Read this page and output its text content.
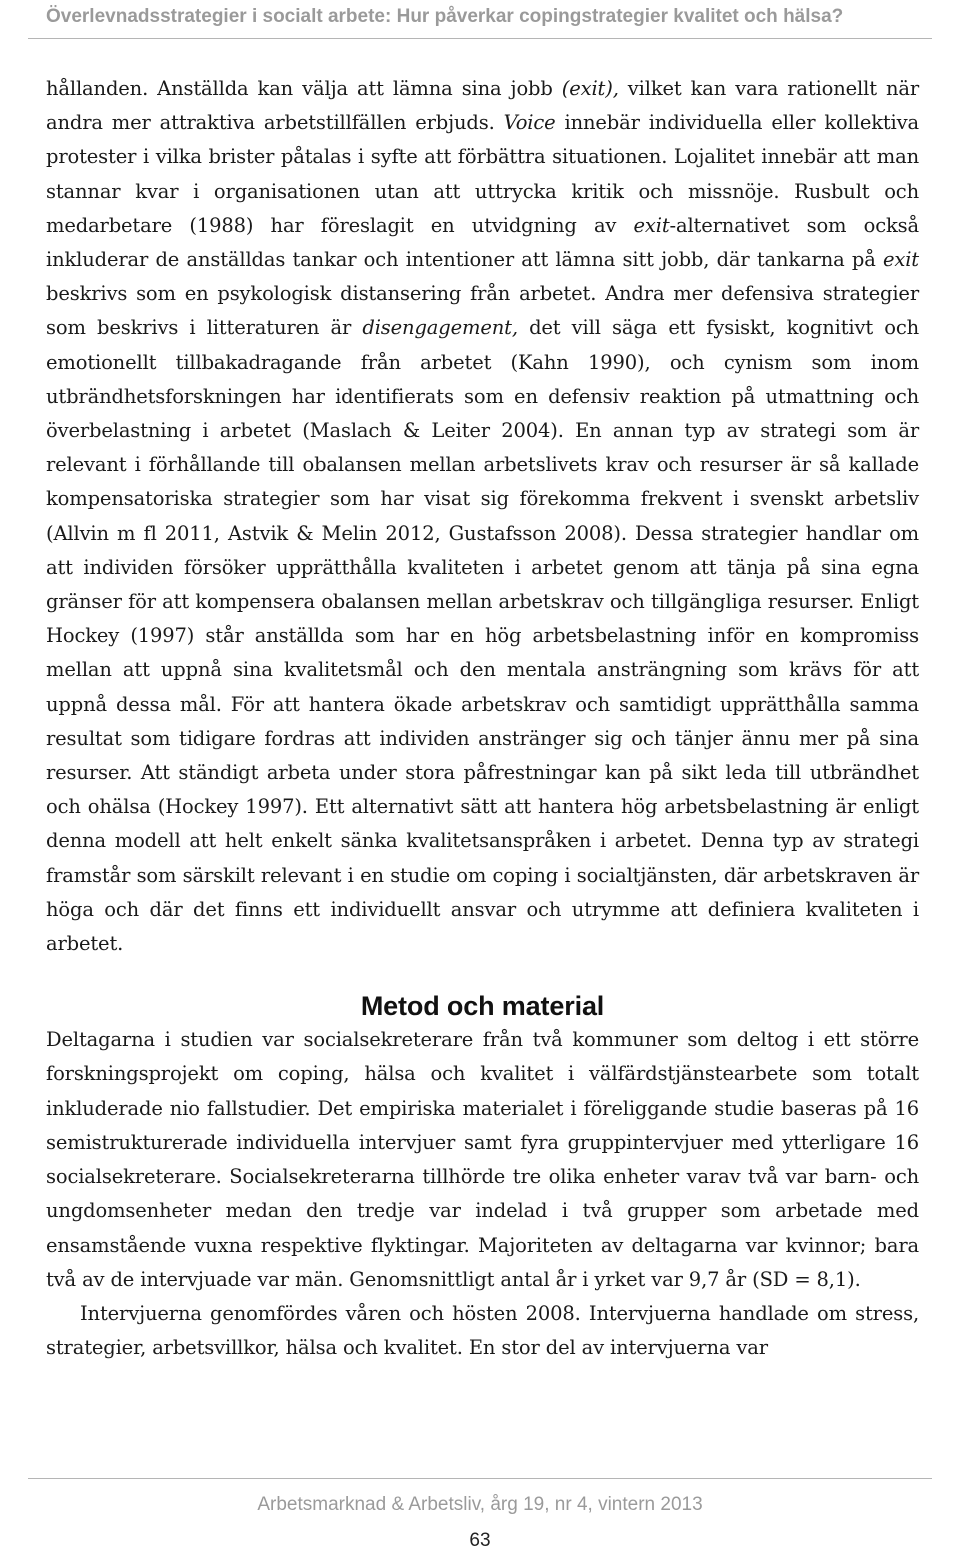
Överlevnadsstrategier i socialt arbete: Hur påverkar copingstrategier kvalitet och hälsa?

hållanden. Anställda kan välja att lämna sina jobb (exit), vilket kan vara rationellt när andra mer attraktiva arbetstillfällen erbjuds. Voice innebär individuella eller kollektiva protester i vilka brister påtalas i syfte att förbättra situationen. Lojalitet innebär att man stannar kvar i organisationen utan att uttrycka kritik och missnöje. Rusbult och medarbetare (1988) har föreslagit en utvidgning av exit-alternativet som också inkluderar de anställdas tankar och intentioner att lämna sitt jobb, där tankarna på exit beskrivs som en psykologisk distansering från arbetet. Andra mer defensiva strategier som beskrivs i litteraturen är disengagement, det vill säga ett fysiskt, kognitivt och emotionellt tillbakadragande från arbetet (Kahn 1990), och cynism som inom utbrändhetsforskningen har identifierats som en defensiv reaktion på utmattning och överbelastning i arbetet (Maslach & Leiter 2004). En annan typ av strategi som är relevant i förhållande till obalansen mellan arbetslivets krav och resurser är så kallade kompensatoriska strategier som har visat sig förekomma frekvent i svenskt arbetsliv (Allvin m fl 2011, Astvik & Melin 2012, Gustafsson 2008). Dessa strategier handlar om att individen försöker upprätthålla kvaliteten i arbetet genom att tänja på sina egna gränser för att kompensera obalansen mellan arbetskrav och tillgängliga resurser. Enligt Hockey (1997) står anställda som har en hög arbetsbelastning inför en kompromiss mellan att uppnå sina kvalitetsmål och den mentala ansträngning som krävs för att uppnå dessa mål. För att hantera ökade arbetskrav och samtidigt upprätthålla samma resultat som tidigare fordras att individen anstränger sig och tänjer ännu mer på sina resurser. Att ständigt arbeta under stora påfrestningar kan på sikt leda till utbrändhet och ohälsa (Hockey 1997). Ett alternativt sätt att hantera hög arbetsbelastning är enligt denna modell att helt enkelt sänka kvalitetsanspråken i arbetet. Denna typ av strategi framstår som särskilt relevant i en studie om coping i socialtjänsten, där arbetskraven är höga och där det finns ett individuellt ansvar och utrymme att definiera kvaliteten i arbetet.

Metod och material

Deltagarna i studien var socialsekreterare från två kommuner som deltog i ett större forskningsprojekt om coping, hälsa och kvalitet i välfärdstjänstearbete som totalt inkluderade nio fallstudier. Det empiriska materialet i föreliggande studie baseras på 16 semistrukturerade individuella intervjuer samt fyra gruppintervjuer med ytterligare 16 socialsekreterare. Socialsekreterarna tillhörde tre olika enheter varav två var barn- och ungdomsenheter medan den tredje var indelad i två grupper som arbetade med ensamstående vuxna respektive flyktingar. Majoriteten av deltagarna var kvinnor; bara två av de intervjuade var män. Genomsnittligt antal år i yrket var 9,7 år (SD = 8,1).

Intervjuerna genomfördes våren och hösten 2008. Intervjuerna handlade om stress, strategier, arbetsvillkor, hälsa och kvalitet. En stor del av intervjuerna var

Arbetsmarknad & Arbetsliv, årg 19, nr 4, vintern 2013
63
